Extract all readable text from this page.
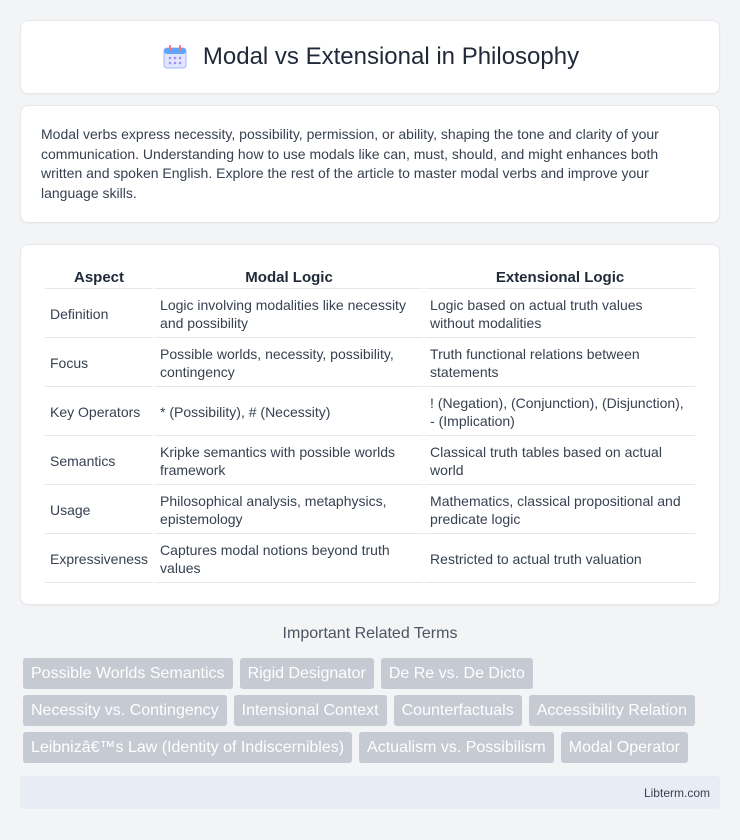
Modal vs Extensional in Philosophy

Modal verbs express necessity, possibility, permission, or ability, shaping the tone and clarity of your communication. Understanding how to use modals like can, must, should, and might enhances both written and spoken English. Explore the rest of the article to master modal verbs and improve your language skills.

Aspect	Modal Logic	Extensional Logic
Definition	Logic involving modalities like necessity and possibility	Logic based on actual truth values without modalities
Focus	Possible worlds, necessity, possibility, contingency	Truth functional relations between statements
Key Operators	* (Possibility), # (Necessity)	! (Negation), (Conjunction), (Disjunction), - (Implication)
Semantics	Kripke semantics with possible worlds framework	Classical truth tables based on actual world
Usage	Philosophical analysis, metaphysics, epistemology	Mathematics, classical propositional and predicate logic
Expressiveness	Captures modal notions beyond truth values	Restricted to actual truth valuation
Important Related Terms
Possible Worlds Semantics	Rigid Designator	De Re vs. De Dicto
Necessity vs. Contingency	Intensional Context	Counterfactuals	Accessibility Relation
Leibnizâ€™s Law (Identity of Indiscernibles)	Actualism vs. Possibilism	Modal Operator
Libterm.com
